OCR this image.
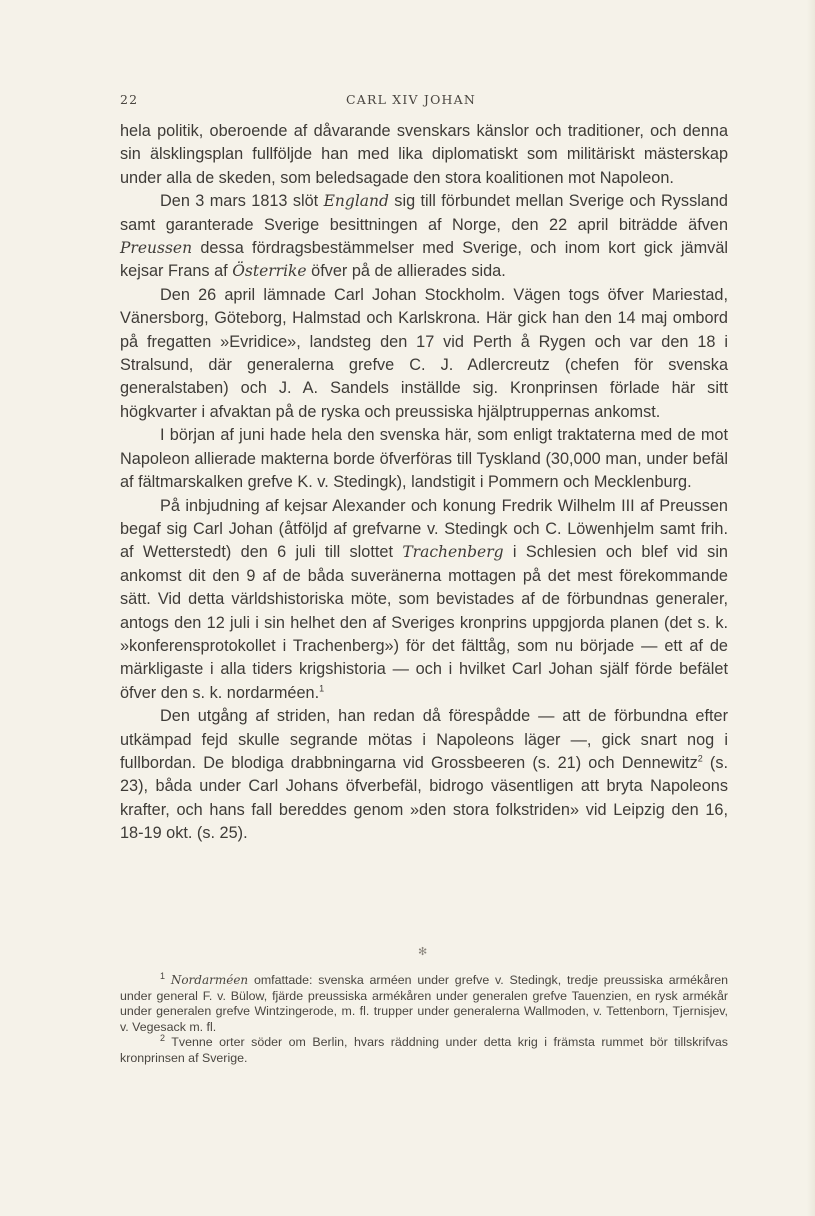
22	CARL XIV JOHAN

hela politik, oberoende af dåvarande svenskars känslor och traditioner, och denna sin älsklingsplan fullföljde han med lika diplomatiskt som militäriskt mästerskap under alla de skeden, som beledsagade den stora koalitionen mot Napoleon.

Den 3 mars 1813 slöt England sig till förbundet mellan Sverige och Ryssland samt garanterade Sverige besittningen af Norge, den 22 april biträdde äfven Preussen dessa fördragsbestämmelser med Sverige, och inom kort gick jämväl kejsar Frans af Österrike öfver på de allierades sida.

Den 26 april lämnade Carl Johan Stockholm. Vägen togs öfver Mariestad, Vänersborg, Göteborg, Halmstad och Karlskrona. Här gick han den 14 maj ombord på fregatten »Evridice», landsteg den 17 vid Perth å Rygen och var den 18 i Stralsund, där generalerna grefve C. J. Adlercreutz (chefen för svenska generalstaben) och J. A. Sandels inställde sig. Kronprinsen förlade här sitt högkvarter i afvaktan på de ryska och preussiska hjälptruppernas ankomst.

I början af juni hade hela den svenska här, som enligt traktaterna med de mot Napoleon allierade makterna borde öfverföras till Tyskland (30,000 man, under befäl af fältmarskalken grefve K. v. Stedingk), landstigit i Pommern och Mecklenburg.

På inbjudning af kejsar Alexander och konung Fredrik Wilhelm III af Preussen begaf sig Carl Johan (åtföljd af grefvarne v. Stedingk och C. Löwenhjelm samt frih. af Wetterstedt) den 6 juli till slottet Trachenberg i Schlesien och blef vid sin ankomst dit den 9 af de båda suveränerna mottagen på det mest förekommande sätt. Vid detta världshistoriska möte, som bevistades af de förbundnas generaler, antogs den 12 juli i sin helhet den af Sveriges kronprins uppgjorda planen (det s. k. »konferensprotokollet i Trachenberg») för det fälttåg, som nu började — ett af de märkligaste i alla tiders krigshistoria — och i hvilket Carl Johan själf förde befälet öfver den s. k. nordarméen.$^1$

Den utgång af striden, han redan då förespådde — att de förbundna efter utkämpad fejd skulle segrande mötas i Napoleons läger —, gick snart nog i fullbordan. De blodiga drabbningarna vid Grossbeeren (s. 21) och Dennewitz$^2$ (s. 23), båda under Carl Johans öfverbefäl, bidrogo väsentligen att bryta Napoleons krafter, och hans fall bereddes genom »den stora folkstriden» vid Leipzig den 16, 18-19 okt. (s. 25).

✻

$^1$ Nordarméen omfattade: svenska arméen under grefve v. Stedingk, tredje preussiska armékåren under general F. v. Bülow, fjärde preussiska armékåren under generalen grefve Tauenzien, en rysk armékår under generalen grefve Wintzingerode, m. fl. trupper under generalerna Wallmoden, v. Tettenborn, Tjernisjev, v. Vegesack m. fl.

$^2$ Tvenne orter söder om Berlin, hvars räddning under detta krig i främsta rummet bör tillskrifvas kronprinsen af Sverige.
